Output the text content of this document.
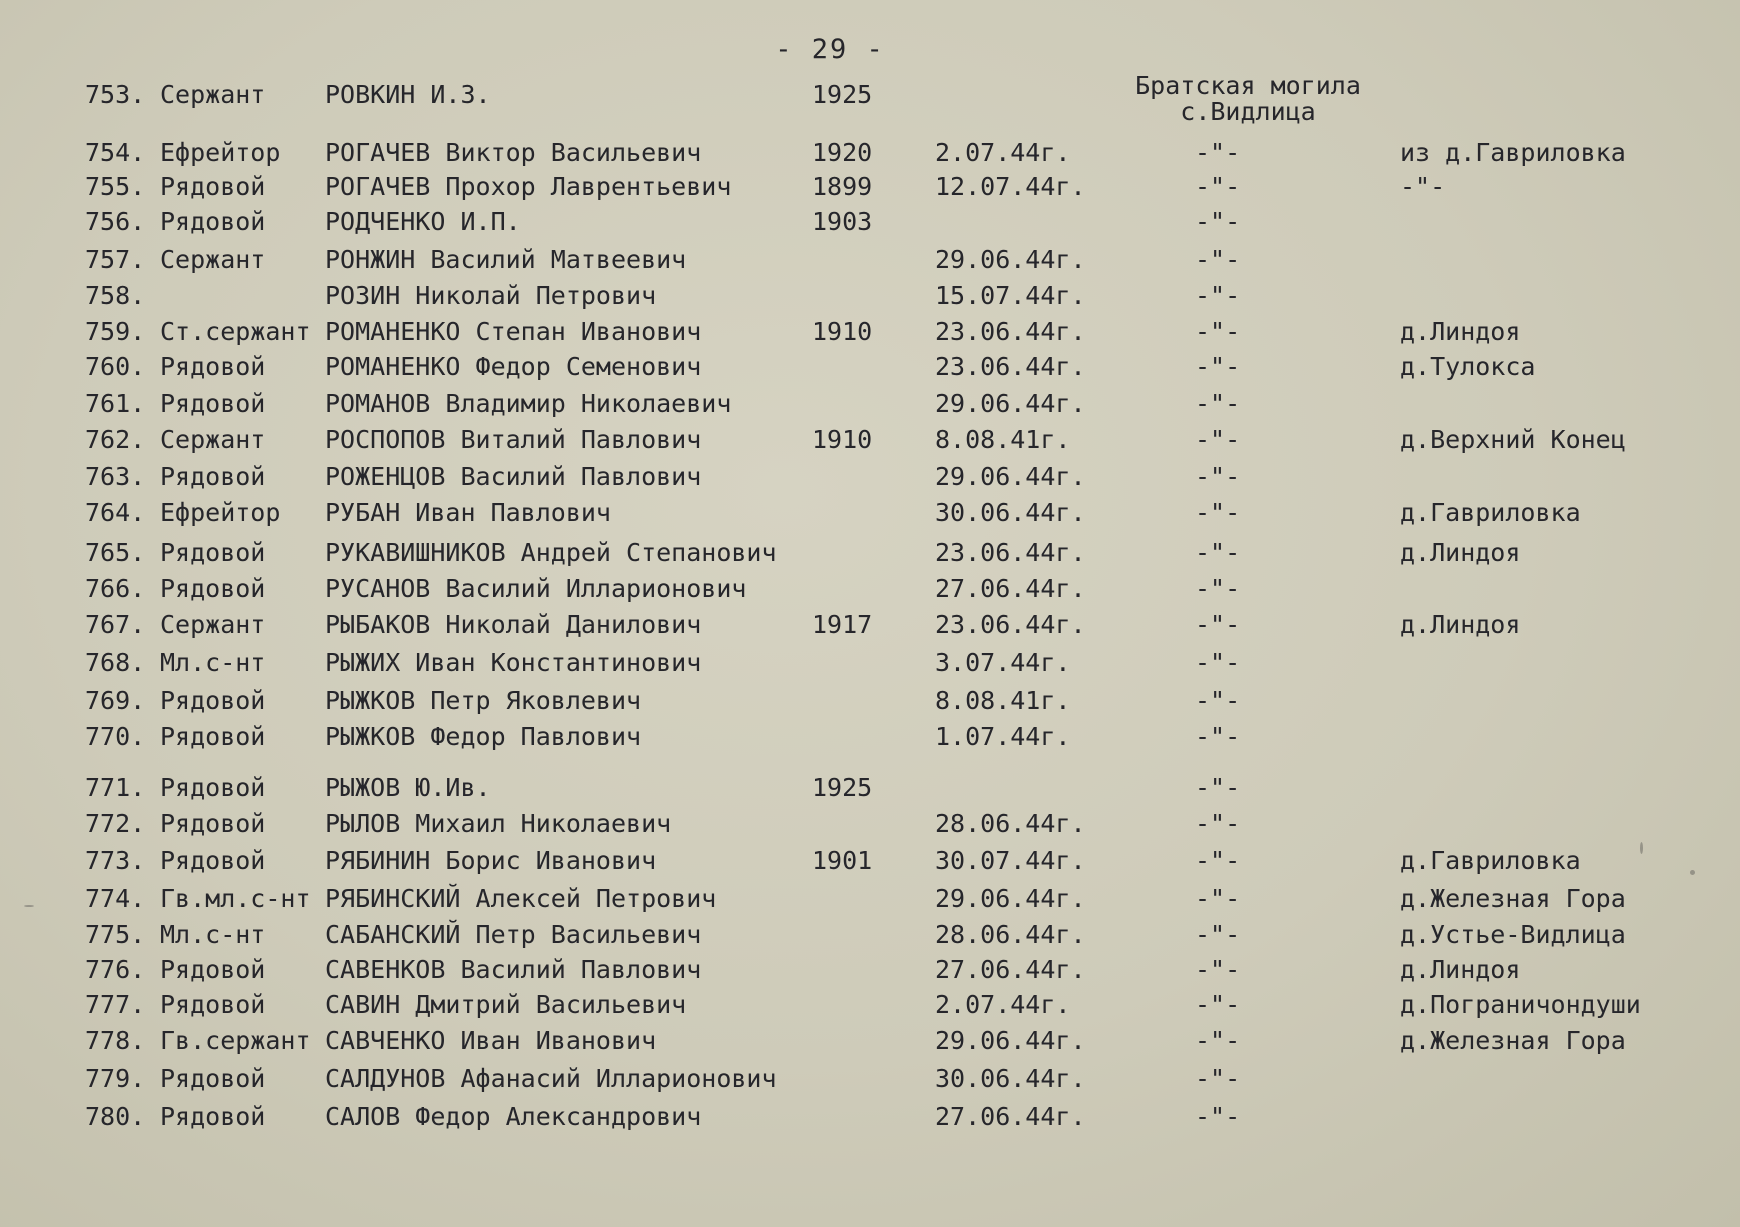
- 29 -
Братская могила
с.Видлица
753. Сержант	РОВКИН И.З.	1925
754. Ефрейтор	РОГАЧЕВ Виктор Васильевич	1920	2.07.44г.	-"-	из д.Гавриловка
755. Рядовой	РОГАЧЕВ Прохор Лаврентьевич	1899	12.07.44г.	-"-	-"-
756. Рядовой	РОДЧЕНКО И.П.	1903	-"-
757. Сержант	РОНЖИН Василий Матвеевич	29.06.44г.	-"-
758.	РОЗИН Николай Петрович	15.07.44г.	-"-
759. Ст.сержант РОМАНЕНКО Степан Иванович	1910	23.06.44г.	-"-	д.Линдоя
760. Рядовой	РОМАНЕНКО Федор Семенович	23.06.44г.	-"-	д.Тулокса
761. Рядовой	РОМАНОВ Владимир Николаевич	29.06.44г.	-"-
762. Сержант	РОСПОПОВ Виталий Павлович	1910	8.08.41г.	-"-	д.Верхний Конец
763. Рядовой	РОЖЕНЦОВ Василий Павлович	29.06.44г.	-"-
764. Ефрейтор	РУБАН Иван Павлович	30.06.44г.	-"-	д.Гавриловка
765. Рядовой	РУКАВИШНИКОВ Андрей Степанович	23.06.44г.	-"-	д.Линдоя
766. Рядовой	РУСАНОВ Василий Илларионович	27.06.44г.	-"-
767. Сержант	РЫБАКОВ Николай Данилович	1917	23.06.44г.	-"-	д.Линдоя
768. Мл.с-нт	РЫЖИХ Иван Константинович	3.07.44г.	-"-
769. Рядовой	РЫЖКОВ Петр Яковлевич	8.08.41г.	-"-
770. Рядовой	РЫЖКОВ Федор Павлович	1.07.44г.	-"-
771. Рядовой	РЫЖОВ Ю.Ив.	1925	-"-
772. Рядовой	РЫЛОВ Михаил Николаевич	28.06.44г.	-"-
773. Рядовой	РЯБИНИН Борис Иванович	1901	30.07.44г.	-"-	д.Гавриловка
774. Гв.мл.с-нт РЯБИНСКИЙ Алексей Петрович	29.06.44г.	-"-	д.Железная Гора
775. Мл.с-нт	САБАНСКИЙ Петр Васильевич	28.06.44г.	-"-	д.Устье-Видлица
776. Рядовой	САВЕНКОВ Василий Павлович	27.06.44г.	-"-	д.Линдоя
777. Рядовой	САВИН Дмитрий Васильевич	2.07.44г.	-"-	д.Пограничондуши
778. Гв.сержант САВЧЕНКО Иван Иванович	29.06.44г.	-"-	д.Железная Гора
779. Рядовой	САЛДУНОВ Афанасий Илларионович	30.06.44г.	-"-
780. Рядовой	САЛОВ Федор Александрович	27.06.44г.	-"-
